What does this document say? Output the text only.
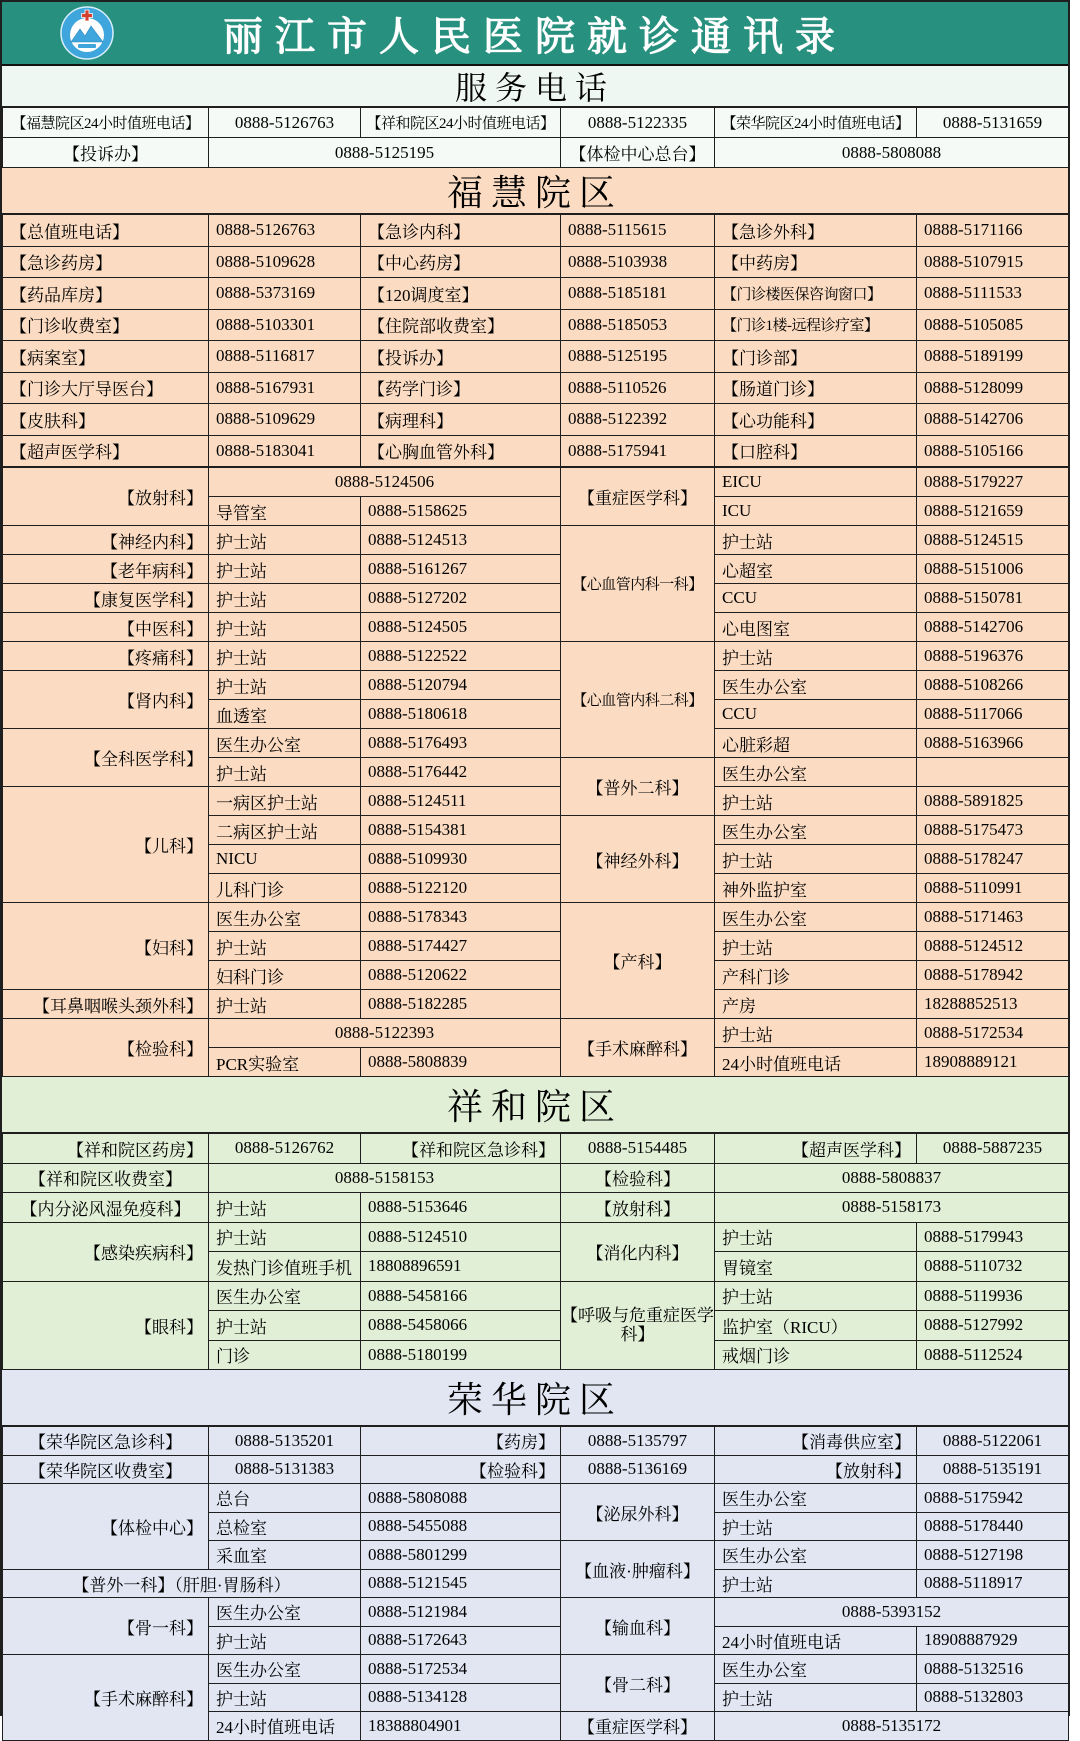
丽江市人民医院就诊通讯录
服务电话
【福慧院区24小时值班电话】	0888-5126763	【祥和院区24小时值班电话】	0888-5122335	【荣华院区24小时值班电话】	0888-5131659
【投诉办】	0888-5125195		【体检中心总台】	0888-5808088	
福慧院区
【总值班电话】	0888-5126763	【急诊内科】	0888-5115615	【急诊外科】	0888-5171166
【急诊药房】	0888-5109628	【中心药房】	0888-5103938	【中药房】	0888-5107915
【药品库房】	0888-5373169	【120调度室】	0888-5185181	【门诊楼医保咨询窗口】	0888-5111533
【门诊收费室】	0888-5103301	【住院部收费室】	0888-5185053	【门诊1楼-远程诊疗室】	0888-5105085
【病案室】	0888-5116817	【投诉办】	0888-5125195	【门诊部】	0888-5189199
【门诊大厅导医台】	0888-5167931	【药学门诊】	0888-5110526	【肠道门诊】	0888-5128099
【皮肤科】	0888-5109629	【病理科】	0888-5122392	【心功能科】	0888-5142706
【超声医学科】	0888-5183041	【心胸血管外科】	0888-5175941	【口腔科】	0888-5105166
【放射科】	0888-5124506		【重症医学科】	EICU	0888-5179227
	导管室	0888-5158625		ICU	0888-5121659
【神经内科】	护士站	0888-5124513	【心血管内科一科】	护士站	0888-5124515
【老年病科】	护士站	0888-5161267		心超室	0888-5151006
【康复医学科】	护士站	0888-5127202		CCU	0888-5150781
【中医科】	护士站	0888-5124505		心电图室	0888-5142706
【疼痛科】	护士站	0888-5122522	【心血管内科二科】	护士站	0888-5196376
【肾内科】	护士站	0888-5120794		医生办公室	0888-5108266
	血透室	0888-5180618		CCU	0888-5117066
【全科医学科】	医生办公室	0888-5176493		心脏彩超	0888-5163966
	护士站	0888-5176442	【普外二科】	医生办公室	
【儿科】	一病区护士站	0888-5124511		护士站	0888-5891825
	二病区护士站	0888-5154381	【神经外科】	医生办公室	0888-5175473
	NICU	0888-5109930		护士站	0888-5178247
	儿科门诊	0888-5122120		神外监护室	0888-5110991
【妇科】	医生办公室	0888-5178343	【产科】	医生办公室	0888-5171463
	护士站	0888-5174427		护士站	0888-5124512
	妇科门诊	0888-5120622		产科门诊	0888-5178942
【耳鼻咽喉头颈外科】	护士站	0888-5182285		产房	18288852513
【检验科】	0888-5122393		【手术麻醉科】	护士站	0888-5172534
	PCR实验室	0888-5808839		24小时值班电话	18908889121
祥和院区
【祥和院区药房】	0888-5126762	【祥和院区急诊科】	0888-5154485	【超声医学科】	0888-5887235
【祥和院区收费室】	0888-5158153		【检验科】	0888-5808837	
【内分泌风湿免疫科】	护士站	0888-5153646	【放射科】	0888-5158173	
【感染疾病科】	护士站	0888-5124510	【消化内科】	护士站	0888-5179943
	发热门诊值班手机	18808896591		胃镜室	0888-5110732
【眼科】	医生办公室	0888-5458166	【呼吸与危重症医学科】	护士站	0888-5119936
	护士站	0888-5458066		监护室（RICU）	0888-5127992
	门诊	0888-5180199		戒烟门诊	0888-5112524
荣华院区
【荣华院区急诊科】	0888-5135201	【药房】	0888-5135797	【消毒供应室】	0888-5122061
【荣华院区收费室】	0888-5131383	【检验科】	0888-5136169	【放射科】	0888-5135191
【体检中心】	总台	0888-5808088	【泌尿外科】	医生办公室	0888-5175942
	总检室	0888-5455088		护士站	0888-5178440
	采血室	0888-5801299	【血液·肿瘤科】	医生办公室	0888-5127198
【普外一科】（肝胆·胃肠科）		0888-5121545		护士站	0888-5118917
【骨一科】	医生办公室	0888-5121984	【输血科】	0888-5393152	
	护士站	0888-5172643		24小时值班电话	18908887929
【手术麻醉科】	医生办公室	0888-5172534	【骨二科】	医生办公室	0888-5132516
	护士站	0888-5134128		护士站	0888-5132803
	24小时值班电话	18388804901	【重症医学科】	0888-5135172	
